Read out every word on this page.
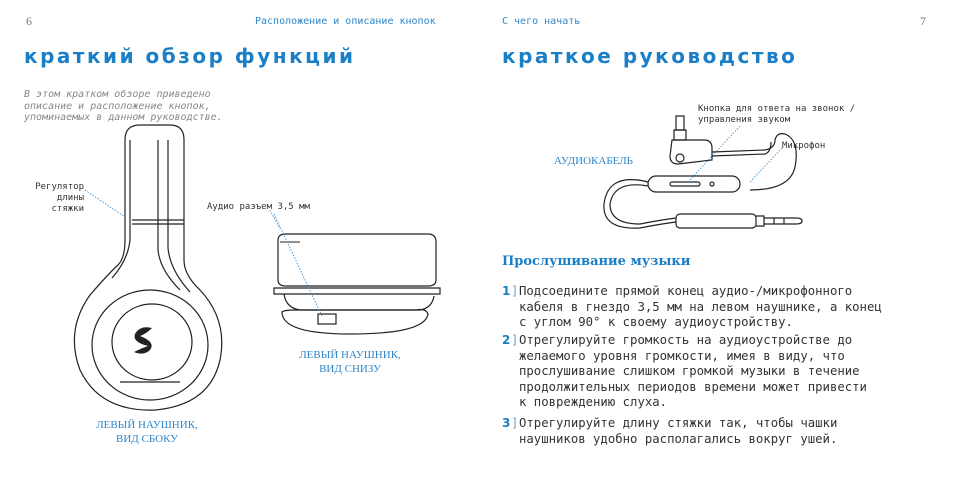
6	Расположение и описание кнопок
краткий обзор функций
В этом кратком обзоре приведено
описание и расположение кнопок,
упоминаемых в данном руководстве.
Регулятор
длины
стяжки	Аудио разъем 3,5 мм
ЛЕВЫЙ НАУШНИК,
ВИД СНИЗУ
ЛЕВЫЙ НАУШНИК,
ВИД СБОКУ
С чего начать	7
краткое руководство
Кнопка для ответа на звонок /
управления звуком
Микрофон
АУДИОКАБЕЛЬ
Прослушивание музыки
1 ] Подсоедините прямой конец аудио-/микрофонного
кабеля в гнездо 3,5 мм на левом наушнике, а конец
с углом 90° к своему аудиоустройству.
2 ] Отрегулируйте громкость на аудиоустройстве до
желаемого уровня громкости, имея в виду, что
прослушивание слишком громкой музыки в течение
продолжительных периодов времени может привести
к повреждению слуха.
3 ] Отрегулируйте длину стяжки так, чтобы чашки
наушников удобно располагались вокруг ушей.
